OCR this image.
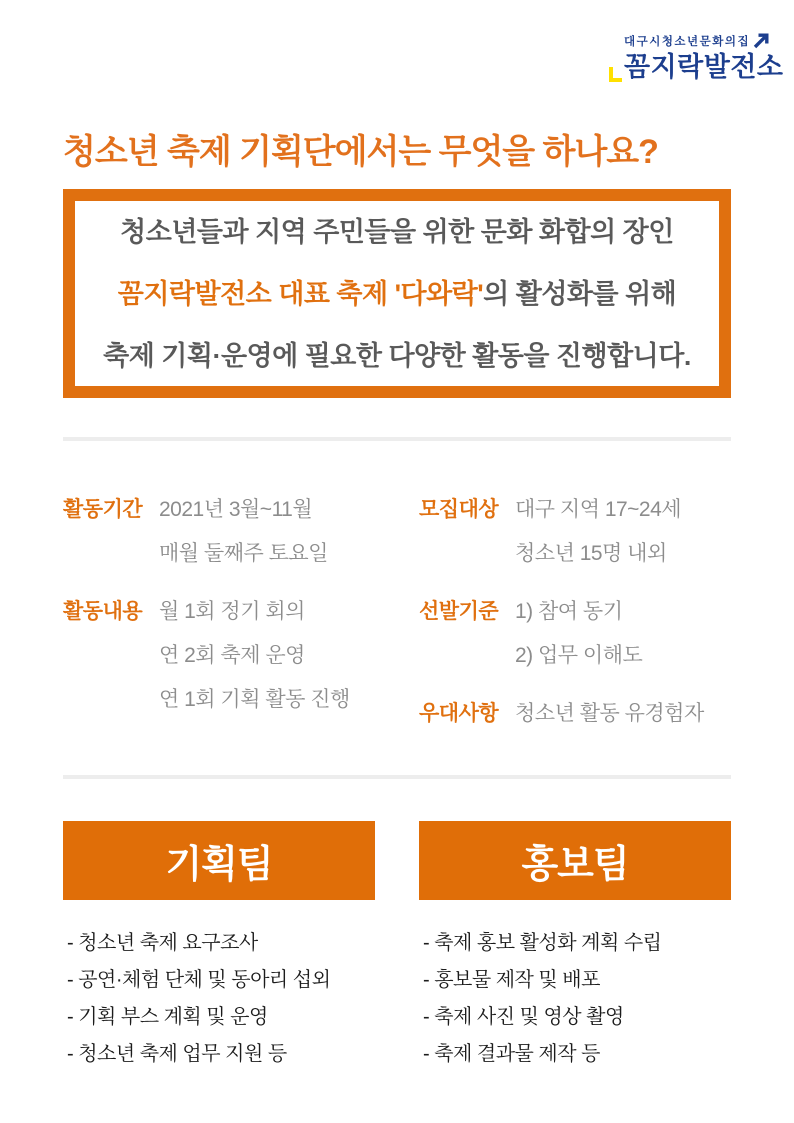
대구시청소년문화의집
꼼지락발전소
청소년 축제 기획단에서는 무엇을 하나요?
청소년들과 지역 주민들을 위한 문화 화합의 장인
꼼지락발전소 대표 축제 '다와락'의 활성화를 위해
축제 기획·운영에 필요한 다양한 활동을 진행합니다.
활동기간 2021년 3월~11월
매월 둘째주 토요일
활동내용 월 1회 정기 회의
연 2회 축제 운영
연 1회 기획 활동 진행
모집대상 대구 지역 17~24세
청소년 15명 내외
선발기준 1) 참여 동기
2) 업무 이해도
우대사항 청소년 활동 유경험자
기획팀
- 청소년 축제 요구조사
- 공연·체험 단체 및 동아리 섭외
- 기획 부스 계획 및 운영
- 청소년 축제 업무 지원 등
홍보팀
- 축제 홍보 활성화 계획 수립
- 홍보물 제작 및 배포
- 축제 사진 및 영상 촬영
- 축제 결과물 제작 등
